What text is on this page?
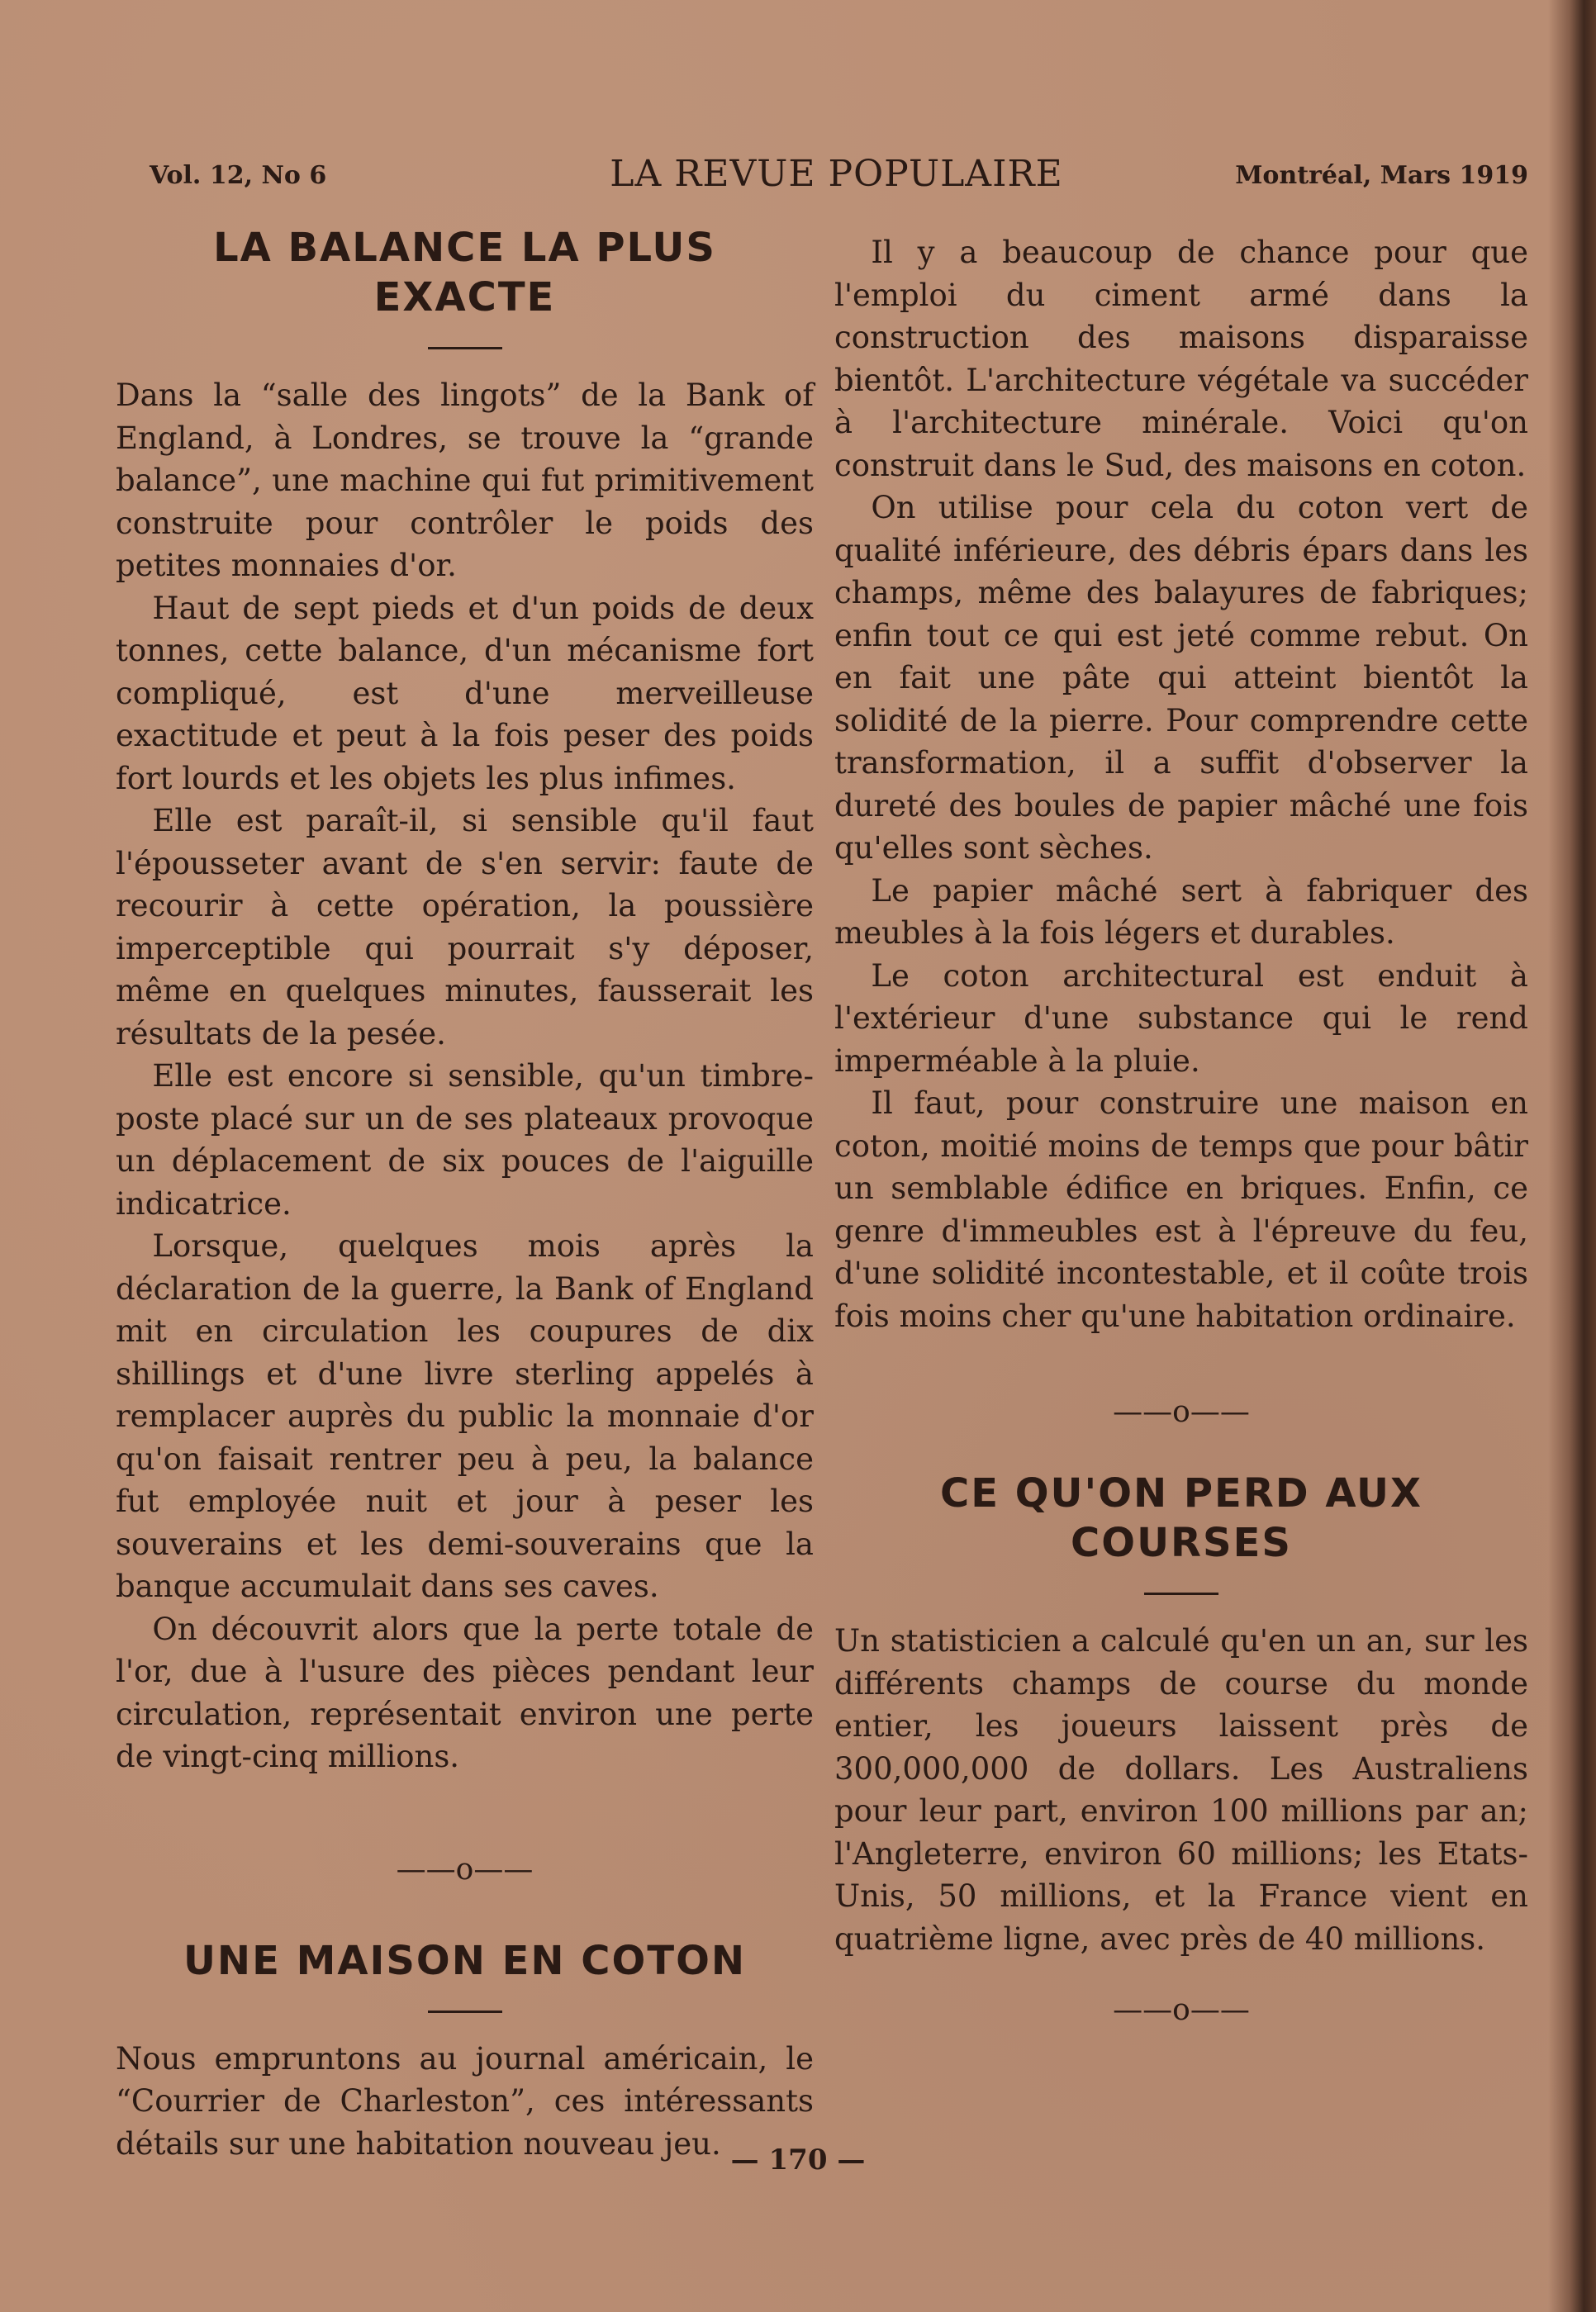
Vol. 12, No 6	LA REVUE POPULAIRE	Montréal, Mars 1919
LA BALANCE LA PLUS EXACTE

Dans la “salle des lingots” de la Bank of England, à Londres, se trouve la “grande balance”, une machine qui fut primitivement construite pour contrôler le poids des petites monnaies d'or.

Haut de sept pieds et d'un poids de deux tonnes, cette balance, d'un mécanisme fort compliqué, est d'une merveilleuse exactitude et peut à la fois peser des poids fort lourds et les objets les plus infimes.

Elle est paraît-il, si sensible qu'il faut l'épousseter avant de s'en servir: faute de recourir à cette opération, la poussière imperceptible qui pourrait s'y déposer, même en quelques minutes, fausserait les résultats de la pesée.

Elle est encore si sensible, qu'un timbre-poste placé sur un de ses plateaux provoque un déplacement de six pouces de l'aiguille indicatrice.

Lorsque, quelques mois après la déclaration de la guerre, la Bank of England mit en circulation les coupures de dix shillings et d'une livre sterling appelés à remplacer auprès du public la monnaie d'or qu'on faisait rentrer peu à peu, la balance fut employée nuit et jour à peser les souverains et les demi-souverains que la banque accumulait dans ses caves.

On découvrit alors que la perte totale de l'or, due à l'usure des pièces pendant leur circulation, représentait environ une perte de vingt-cinq millions.

——o——
UNE MAISON EN COTON

Nous empruntons au journal américain, le “Courrier de Charleston”, ces intéressants détails sur une habitation nouveau jeu.

Il y a beaucoup de chance pour que l'emploi du ciment armé dans la construction des maisons disparaisse bientôt. L'architecture végétale va succéder à l'architecture minérale. Voici qu'on construit dans le Sud, des maisons en coton.

On utilise pour cela du coton vert de qualité inférieure, des débris épars dans les champs, même des balayures de fabriques; enfin tout ce qui est jeté comme rebut. On en fait une pâte qui atteint bientôt la solidité de la pierre. Pour comprendre cette transformation, il a suffit d'observer la dureté des boules de papier mâché une fois qu'elles sont sèches.

Le papier mâché sert à fabriquer des meubles à la fois légers et durables.

Le coton architectural est enduit à l'extérieur d'une substance qui le rend imperméable à la pluie.

Il faut, pour construire une maison en coton, moitié moins de temps que pour bâtir un semblable édifice en briques. Enfin, ce genre d'immeubles est à l'épreuve du feu, d'une solidité incontestable, et il coûte trois fois moins cher qu'une habitation ordinaire.

——o——
CE QU'ON PERD AUX COURSES

Un statisticien a calculé qu'en un an, sur les différents champs de course du monde entier, les joueurs laissent près de 300,000,000 de dollars. Les Australiens pour leur part, environ 100 millions par an; l'Angleterre, environ 60 millions; les Etats-Unis, 50 millions, et la France vient en quatrième ligne, avec près de 40 millions.

——o——
— 170 —
